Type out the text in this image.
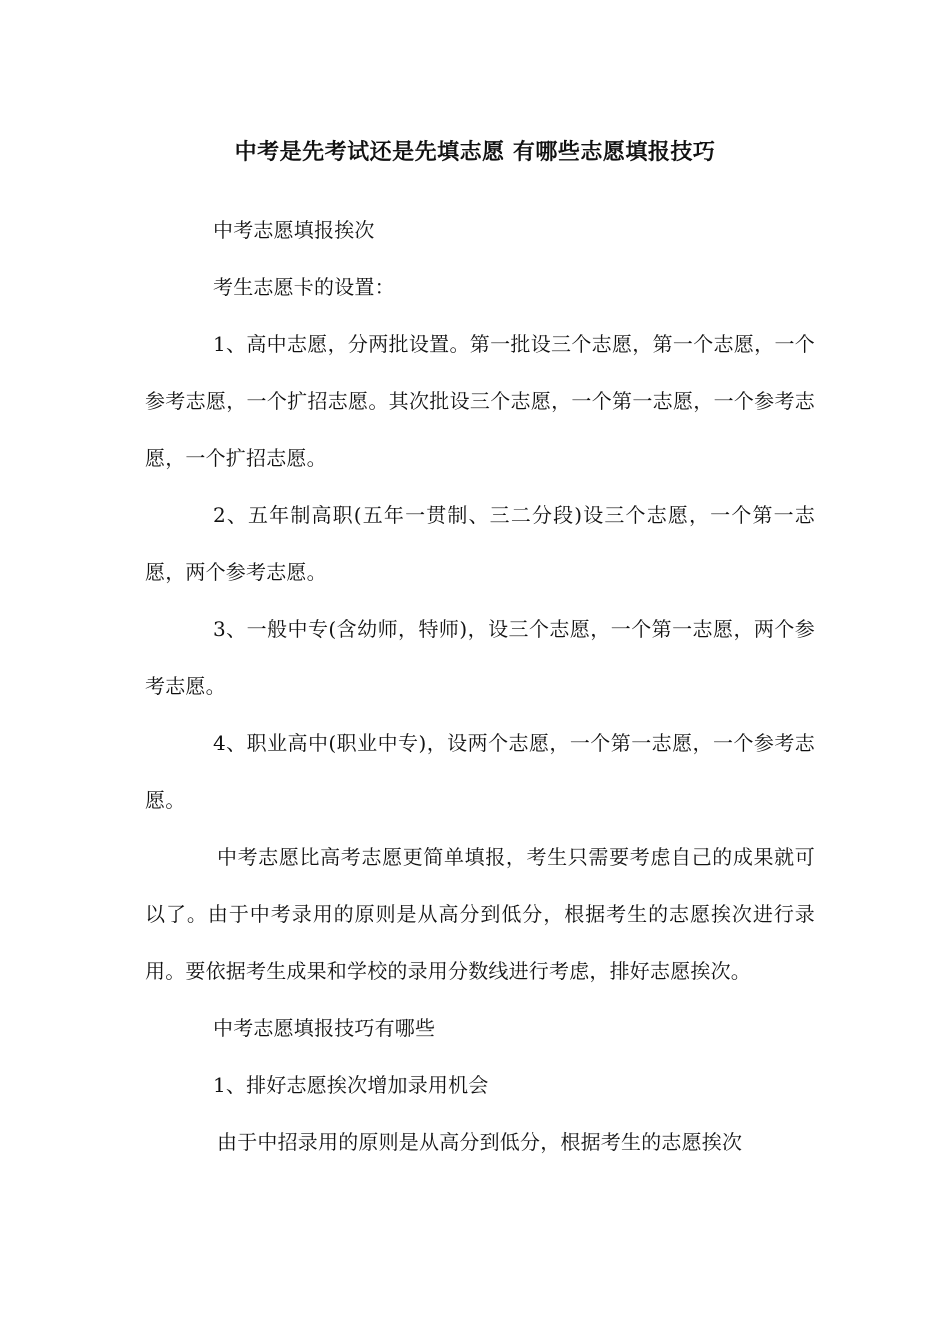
中考是先考试还是先填志愿 有哪些志愿填报技巧

中考志愿填报挨次

考生志愿卡的设置：

1、高中志愿，分两批设置。第一批设三个志愿，第一个志愿，一个参考志愿，一个扩招志愿。其次批设三个志愿，一个第一志愿，一个参考志愿，一个扩招志愿。

2、五年制高职(五年一贯制、三二分段)设三个志愿，一个第一志愿，两个参考志愿。

3、一般中专(含幼师，特师)，设三个志愿，一个第一志愿，两个参考志愿。

4、职业高中(职业中专)，设两个志愿，一个第一志愿，一个参考志愿。

中考志愿比高考志愿更简单填报，考生只需要考虑自己的成果就可以了。由于中考录用的原则是从高分到低分，根据考生的志愿挨次进行录用。要依据考生成果和学校的录用分数线进行考虑，排好志愿挨次。

中考志愿填报技巧有哪些

1、排好志愿挨次增加录用机会

由于中招录用的原则是从高分到低分，根据考生的志愿挨次
